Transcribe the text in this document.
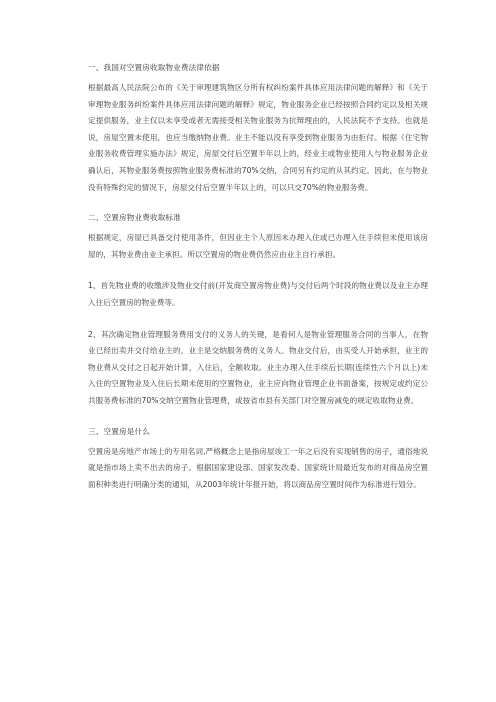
一、我国对空置房收取物业费法律依据

根据最高人民法院公布的《关于审理建筑物区分所有权纠纷案件具体应用法律问题的解释》和《关于审理物业服务纠纷案件具体应用法律问题的解释》规定，物业服务企业已经按照合同约定以及相关规定提供服务，业主仅以未享受或者无需接受相关物业服务为抗辩理由的，人民法院不予支持。也就是说，房屋空置未使用，也应当缴纳物业费。业主不能以没有享受到物业服务为由拒付。根据《住宅物业服务收费管理实施办法》规定，房屋交付后空置半年以上的，经业主或物业使用人与物业服务企业确认后，其物业服务费按照物业服务费标准的70%交纳，合同另有约定的从其约定。因此，在与物业没有特殊约定的情况下，房屋交付后空置半年以上的，可以只交70%的物业服务费。

二、空置房物业费收取标准

根据规定，房屋已具备交付使用条件，但因业主个人原因未办理入住或已办理入住手续但未使用该房屋的，其物业费由业主承担。所以空置房的物业费仍然应由业主自行承担。

1、首先物业费的收缴涉及物业交付前(开发商空置房物业费)与交付后两个时段的物业费以及业主办理入住后空置房的物业费等。

2、其次确定物业管理服务费用支付的义务人的关键，是看何人是物业管理服务合同的当事人，在物业已经出卖并交付给业主的，业主是交纳服务费的义务人。物业交付后，由买受人开始承担，业主的物业费从交付之日起开始计算，入住后，全额收取。业主办理入住手续后长期(连续性六个月以上)未入住的空置物业及入住后长期未使用的空置物业，业主应向物业管理企业书面备案，按规定或约定公共服务费标准的70%交纳空置物业管理费，或按省市县有关部门对空置房减免的规定收取物业费。

三、空置房是什么

空置房是房地产市场上的专用名词,严格概念上是指房屋竣工一年之后没有实现销售的房子，通俗地说就是指市场上卖不出去的房子。根据国家建设部、国家发改委、国家统计局最近发布的对商品房空置面积种类进行明确分类的通知，从2003年统计年报开始，将以商品房空置时间作为标准进行划分。
